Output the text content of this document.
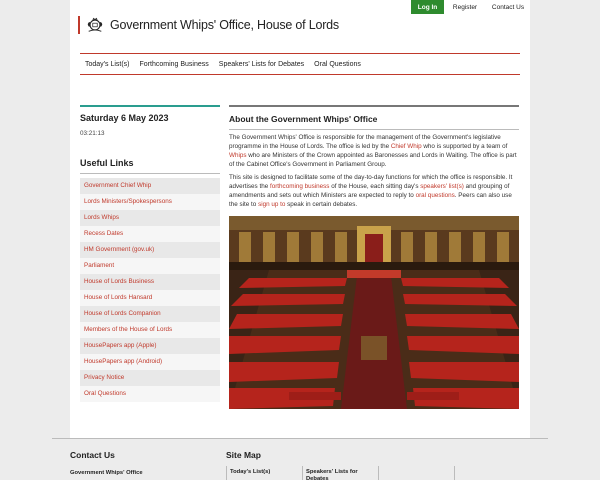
Log In	Register	Contact Us
Government Whips' Office, House of Lords
Today's List(s)	Forthcoming Business	Speakers' Lists for Debates	Oral Questions
Saturday 6 May 2023
03:21:13
Useful Links
Government Chief Whip
Lords Ministers/Spokespersons
Lords Whips
Recess Dates
HM Government (gov.uk)
Parliament
House of Lords Business
House of Lords Hansard
House of Lords Companion
Members of the House of Lords
HousePapers app (Apple)
HousePapers app (Android)
Privacy Notice
Oral Questions
About the Government Whips' Office

The Government Whips' Office is responsible for the management of the Government's legislative programme in the House of Lords. The office is led by the Chief Whip who is supported by a team of Whips who are Ministers of the Crown appointed as Baronesses and Lords in Waiting. The office is part of the Cabinet Office's Government in Parliament Group.

This site is designed to facilitate some of the day-to-day functions for which the office is responsible. It advertises the forthcoming business of the House, each sitting day's speakers' list(s) and grouping of amendments and sets out which Ministers are expected to reply to oral questions. Peers can also use the site to sign up to speak in certain debates.

Contact Us
Government Whips' Office
Site Map
Today's List(s)	Speakers' Lists for Debates
